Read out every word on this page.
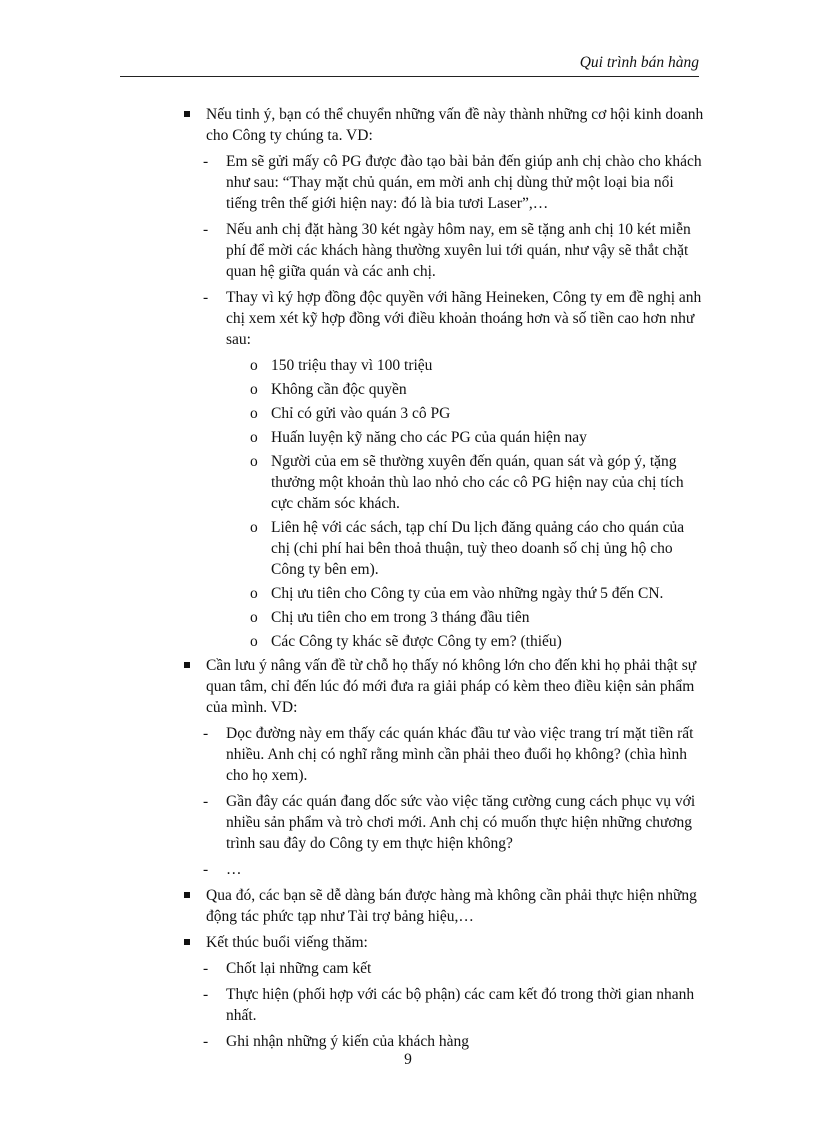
Qui trình bán hàng
Nếu tinh ý, bạn có thể chuyển những vấn đề này thành những cơ hội kinh doanh cho Công ty chúng ta. VD:
- Em sẽ gửi mấy cô PG được đào tạo bài bản đến giúp anh chị chào cho khách như sau: “Thay mặt chủ quán, em mời anh chị dùng thử một loại bia nổi tiếng trên thế giới hiện nay: đó là bia tươi Laser”,…
- Nếu anh chị đặt hàng 30 két ngày hôm nay, em sẽ tặng anh chị 10 két miễn phí để mời các khách hàng thường xuyên lui tới quán, như vậy sẽ thắt chặt quan hệ giữa quán và các anh chị.
- Thay vì ký hợp đồng độc quyền với hãng Heineken, Công ty em đề nghị anh chị xem xét kỹ hợp đồng với điều khoản thoáng hơn và số tiền cao hơn như sau:
o 150 triệu thay vì 100 triệu
o Không cần độc quyền
o Chỉ có gửi vào quán 3 cô PG
o Huấn luyện kỹ năng cho các PG của quán hiện nay
o Người của em sẽ thường xuyên đến quán, quan sát và góp ý, tặng thưởng một khoản thù lao nhỏ cho các cô PG hiện nay của chị tích cực chăm sóc khách.
o Liên hệ với các sách, tạp chí Du lịch đăng quảng cáo cho quán của chị (chi phí hai bên thoả thuận, tuỳ theo doanh số chị ủng hộ cho Công ty bên em).
o Chị ưu tiên cho Công ty của em vào những ngày thứ 5 đến CN.
o Chị ưu tiên cho em trong 3 tháng đầu tiên
o Các Công ty khác sẽ được Công ty em? (thiếu)
Cần lưu ý nâng vấn đề từ chỗ họ thấy nó không lớn cho đến khi họ phải thật sự quan tâm, chỉ đến lúc đó mới đưa ra giải pháp có kèm theo điều kiện sản phẩm của mình. VD:
- Dọc đường này em thấy các quán khác đầu tư vào việc trang trí mặt tiền rất nhiều. Anh chị có nghĩ rằng mình cần phải theo đuổi họ không? (chìa hình cho họ xem).
- Gần đây các quán đang dốc sức vào việc tăng cường cung cách phục vụ với nhiều sản phẩm và trò chơi mới. Anh chị có muốn thực hiện những chương trình sau đây do Công ty em thực hiện không?
- …
Qua đó, các bạn sẽ dễ dàng bán được hàng mà không cần phải thực hiện những động tác phức tạp như Tài trợ bảng hiệu,…
Kết thúc buổi viếng thăm:
- Chốt lại những cam kết
- Thực hiện (phối hợp với các bộ phận) các cam kết đó trong thời gian nhanh nhất.
- Ghi nhận những ý kiến của khách hàng
9
